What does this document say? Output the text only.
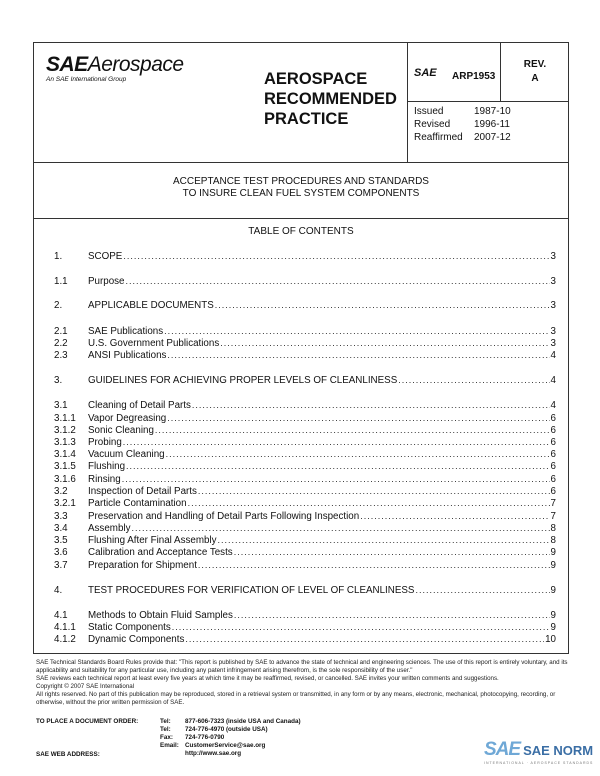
SAEAerospace
An SAE International Group	AEROSPACE
RECOMMENDED
PRACTICE
SAE ARP1953
REV.
A
Issued	1987-10
Revised	1996-11
Reaffirmed	2007-12
ACCEPTANCE TEST PROCEDURES AND STANDARDS
TO INSURE CLEAN FUEL SYSTEM COMPONENTS
TABLE OF CONTENTS
1.	SCOPE .....	3
1.1	Purpose .....	3
2.	APPLICABLE DOCUMENTS .....	3
2.1	SAE Publications .....	3
2.2	U.S. Government Publications .....	3
2.3	ANSI Publications .....	4
3.	GUIDELINES FOR ACHIEVING PROPER LEVELS OF CLEANLINESS .....	4
3.1	Cleaning of Detail Parts .....	4
3.1.1	Vapor Degreasing .....	6
3.1.2	Sonic Cleaning .....	6
3.1.3	Probing .....	6
3.1.4	Vacuum Cleaning .....	6
3.1.5	Flushing .....	6
3.1.6	Rinsing .....	6
3.2	Inspection of Detail Parts .....	6
3.2.1	Particle Contamination .....	7
3.3	Preservation and Handling of Detail Parts Following Inspection .....	7
3.4	Assembly .....	8
3.5	Flushing After Final Assembly .....	8
3.6	Calibration and Acceptance Tests .....	9
3.7	Preparation for Shipment .....	9
4.	TEST PROCEDURES FOR VERIFICATION OF LEVEL OF CLEANLINESS .....	9
4.1	Methods to Obtain Fluid Samples .....	9
4.1.1	Static Components .....	9
4.1.2	Dynamic Components .....	10

SAE Technical Standards Board Rules provide that: "This report is published by SAE to advance the state of technical and engineering sciences. The use of this report is entirely voluntary, and its applicability and suitability for any particular use, including any patent infringement arising therefrom, is the sole responsibility of the user."

SAE reviews each technical report at least every five years at which time it may be reaffirmed, revised, or cancelled. SAE invites your written comments and suggestions.

Copyright © 2007 SAE International

All rights reserved. No part of this publication may be reproduced, stored in a retrieval system or transmitted, in any form or by any means, electronic, mechanical, photocopying, recording, or otherwise, without the prior written permission of SAE.

TO PLACE A DOCUMENT ORDER:	Tel:	877-606-7323 (inside USA and Canada)
Tel:	724-776-4970 (outside USA)
Fax:	724-776-0790
Email: CustomerService@sae.org
http://www.sae.org
SAE WEB ADDRESS:	SAE SAE NORM
INTERNATIONAL · AEROSPACE STANDARDS
